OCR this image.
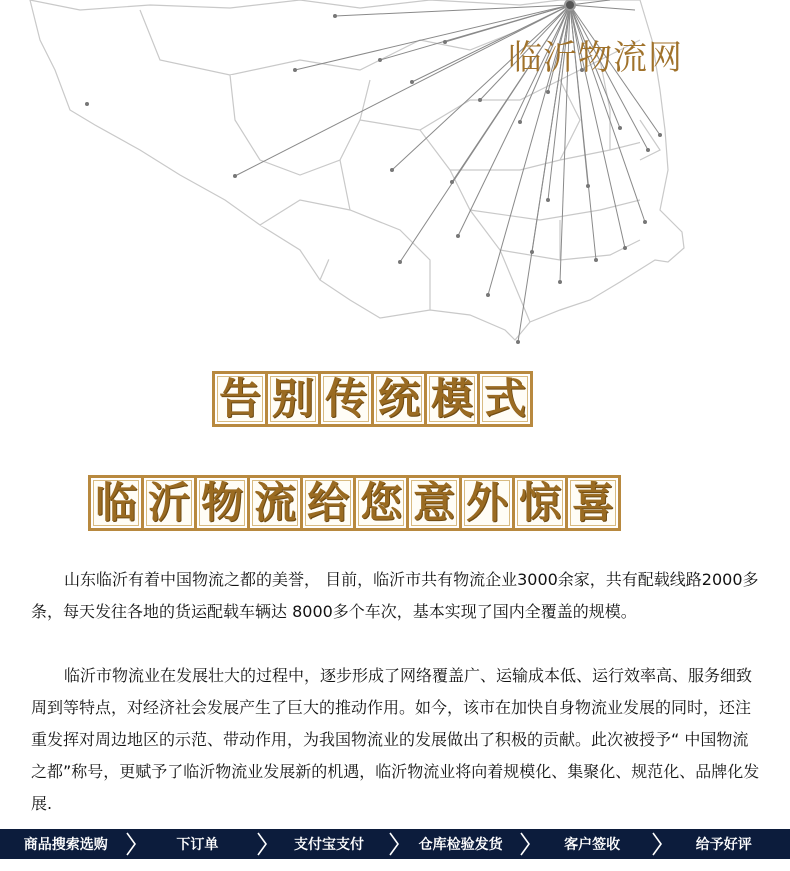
临沂物流网
告 别 传 统 模 式
临 沂 物 流 给 您 意 外 惊 喜

山东临沂有着中国物流之都的美誉， 目前，临沂市共有物流企业3000余家，共有配载线路2000多条，每天发往各地的货运配载车辆达 8000多个车次，基本实现了国内全覆盖的规模。

临沂市物流业在发展壮大的过程中，逐步形成了网络覆盖广、运输成本低、运行效率高、服务细致周到等特点，对经济社会发展产生了巨大的推动作用。如今，该市在加快自身物流业发展的同时，还注重发挥对周边地区的示范、带动作用，为我国物流业的发展做出了积极的贡献。此次被授予“ 中国物流之都”称号，更赋予了临沂物流业发展新的机遇，临沂物流业将向着规模化、集聚化、规范化、品牌化发展.

商品搜索选购	下订单	支付宝支付	仓库检验发货	客户签收	给予好评
